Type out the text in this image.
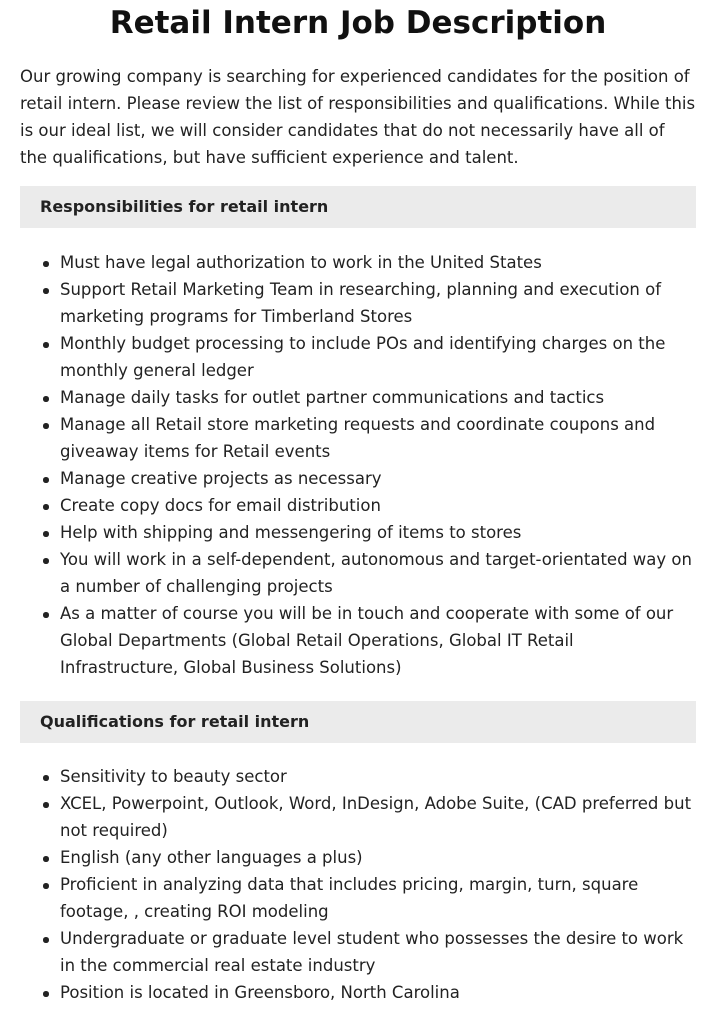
Retail Intern Job Description

Our growing company is searching for experienced candidates for the position of retail intern. Please review the list of responsibilities and qualifications. While this is our ideal list, we will consider candidates that do not necessarily have all of the qualifications, but have sufficient experience and talent.

Responsibilities for retail intern
Must have legal authorization to work in the United States
Support Retail Marketing Team in researching, planning and execution of marketing programs for Timberland Stores
Monthly budget processing to include POs and identifying charges on the monthly general ledger
Manage daily tasks for outlet partner communications and tactics
Manage all Retail store marketing requests and coordinate coupons and giveaway items for Retail events
Manage creative projects as necessary
Create copy docs for email distribution
Help with shipping and messengering of items to stores
You will work in a self-dependent, autonomous and target-orientated way on a number of challenging projects
As a matter of course you will be in touch and cooperate with some of our Global Departments (Global Retail Operations, Global IT Retail Infrastructure, Global Business Solutions)
Qualifications for retail intern
Sensitivity to beauty sector
XCEL, Powerpoint, Outlook, Word, InDesign, Adobe Suite, (CAD preferred but not required)
English (any other languages a plus)
Proficient in analyzing data that includes pricing, margin, turn, square footage, , creating ROI modeling
Undergraduate or graduate level student who possesses the desire to work in the commercial real estate industry
Position is located in Greensboro, North Carolina
